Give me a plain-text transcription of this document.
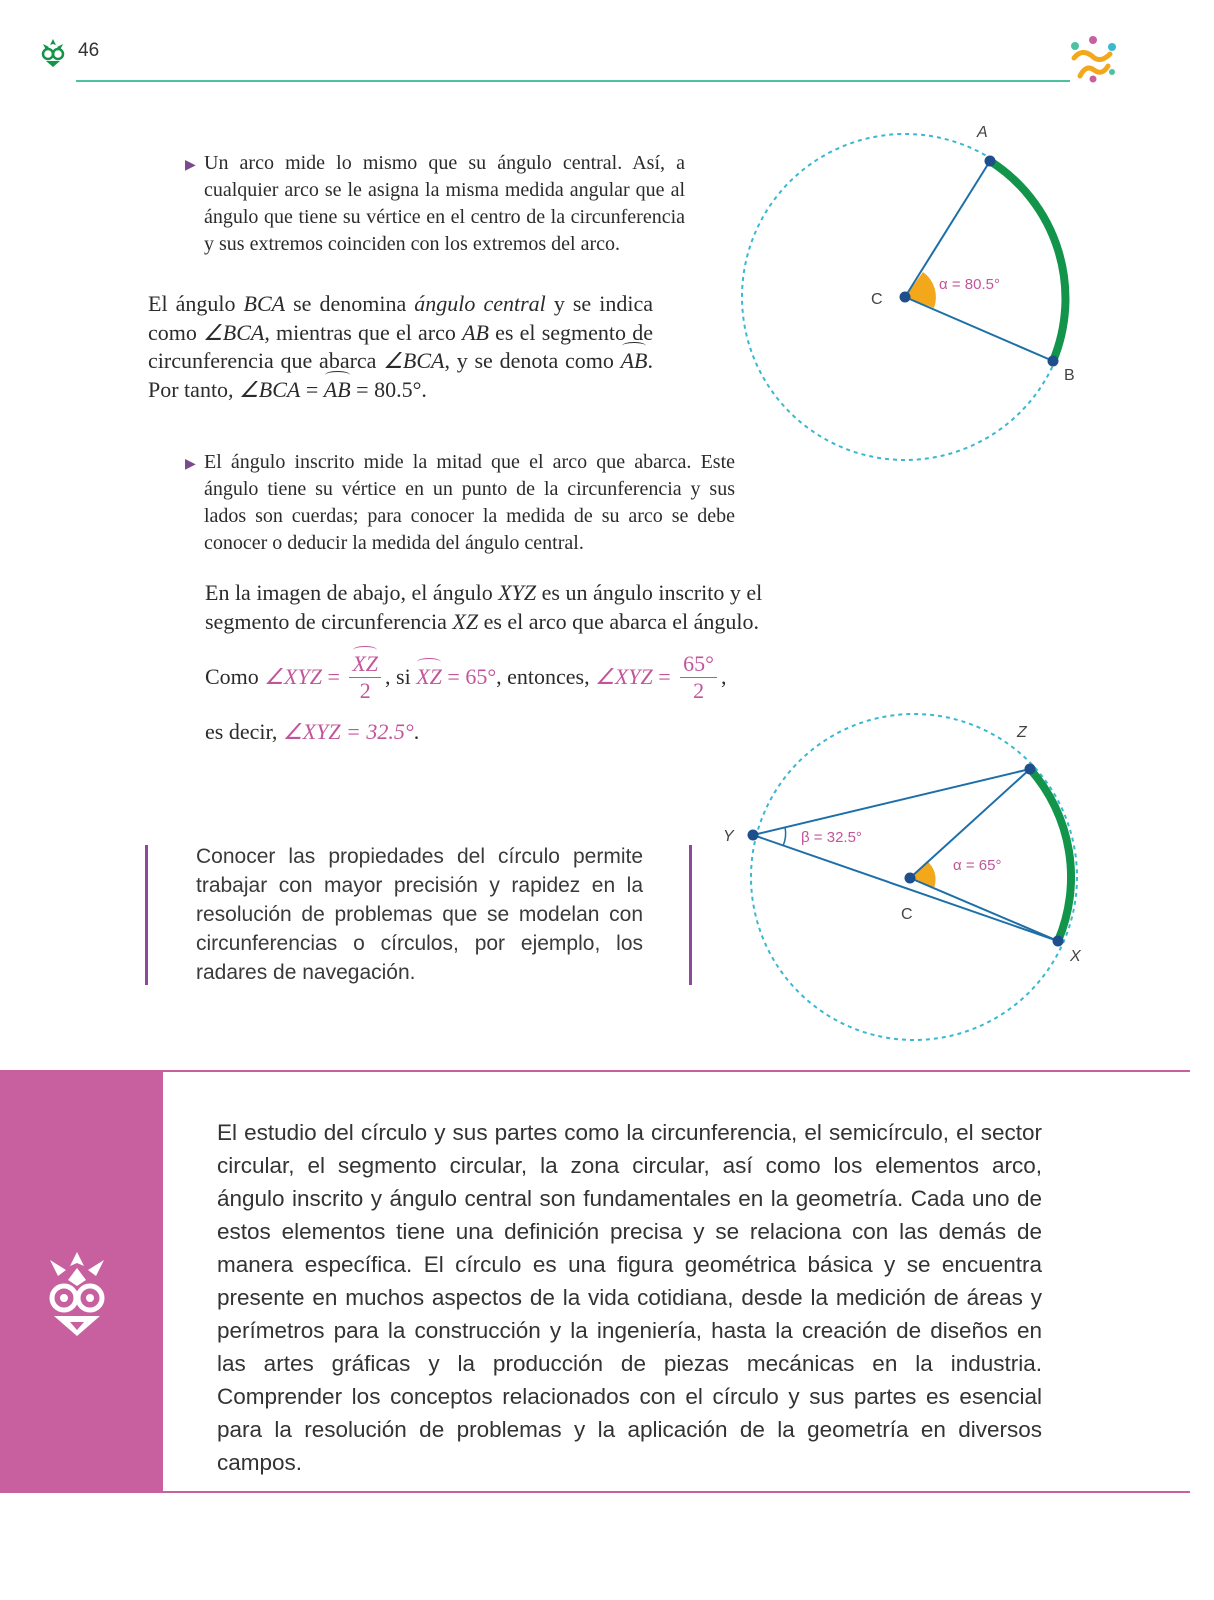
46
▶ Un arco mide lo mismo que su ángulo central. Así, a cualquier arco se le asigna la misma medida angular que al ángulo que tiene su vértice en el centro de la circunferencia y sus extremos coinciden con los extremos del arco.
El ángulo BCA se denomina ángulo central y se indica como ∠BCA, mientras que el arco AB es el segmento de circunferencia que abarca ∠BCA, y se denota como AB. Por tanto, ∠BCA = AB = 80.5°.
A
B
C
α = 80.5°
▶ El ángulo inscrito mide la mitad que el arco que abarca. Este ángulo tiene su vértice en un punto de la circunferencia y sus lados son cuerdas; para conocer la medida de su arco se debe conocer o deducir la medida del ángulo central.
En la imagen de abajo, el ángulo XYZ es un ángulo inscrito y el segmento de circunferencia XZ es el arco que abarca el ángulo.
Como ∠XYZ = $\frac{XZ}{2}$ , si XZ = 65° , entonces, ∠XYZ = $\frac{65^\circ}{2}$ ,
es decir, ∠XYZ = 32.5°.
Conocer las propiedades del círculo permite trabajar con mayor precisión y rapidez en la resolución de problemas que se modelan con circunferencias o círculos, por ejemplo, los radares de navegación.
Z
Y
X
C
β = 32.5°
α = 65°
El estudio del círculo y sus partes como la circunferencia, el semicírculo, el sector circular, el segmento circular, la zona circular, así como los elementos arco, ángulo inscrito y ángulo central son fundamentales en la geometría. Cada uno de estos elementos tiene una definición precisa y se relaciona con las demás de manera específica. El círculo es una figura geométrica básica y se encuentra presente en muchos aspectos de la vida cotidiana, desde la medición de áreas y perímetros para la construcción y la ingeniería, hasta la creación de diseños en las artes gráficas y la producción de piezas mecánicas en la industria. Comprender los conceptos relacionados con el círculo y sus partes es esencial para la resolución de problemas y la aplicación de la geometría en diversos campos.
